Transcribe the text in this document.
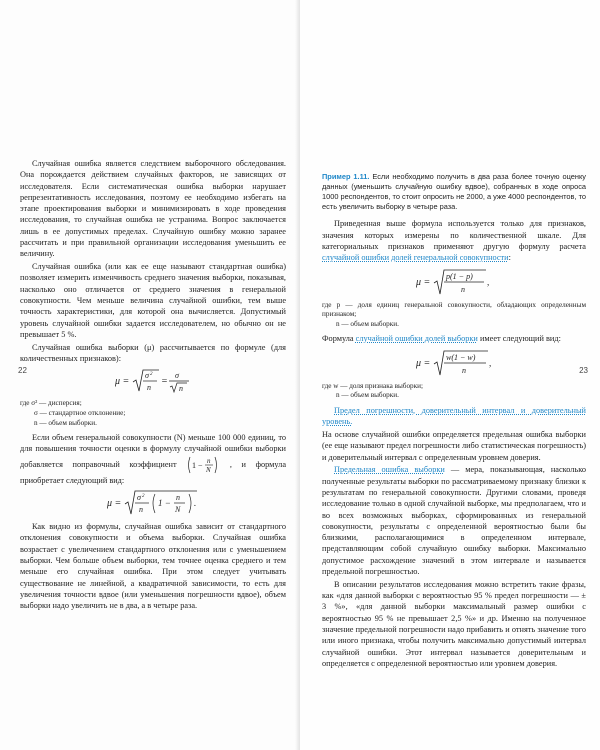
Случайная ошибка является следствием выборочного обследования. Она порождается действием случайных факторов, не зависящих от исследователя. Если систематическая ошибка выборки нарушает репрезентативность исследования, поэтому ее необходимо избегать на этапе проектирования выборки и минимизировать в ходе проведения исследования, то случайная ошибка не устранима. Вопрос заключается лишь в ее допустимых пределах. Случайную ошибку можно заранее рассчитать и при правильной организации исследования уменьшить ее величину.

Случайная ошибка (или как ее еще называют стандартная ошибка) позволяет измерить изменчивость среднего значения выборки, показывая, насколько оно отличается от среднего значения в генеральной совокупности. Чем меньше величина случайной ошибки, тем выше точность характеристики, для которой она вычисляется. Допустимый уровень случайной ошибки задается исследователем, но обычно он не превышает 5 %.

Случайная ошибка выборки (μ) рассчитывается по формуле (для количественных признаков):

μ =
σ 2
n
=
σ
n
где σ² — дисперсия;
σ — стандартное отклонение;
n — объем выборки.

Если объем генеральной совокупности (N) меньше 100 000 единиц, то для повышения точности оценки в формулу случайной ошибки выборки добавляется поправочный коэффициент 1 − n
N
, и формула приобретает следующий вид:

μ =
σ 2
n
1 −
n
N
.

Как видно из формулы, случайная ошибка зависит от стандартного отклонения совокупности и объема выборки. Случайная ошибка возрастает с увеличением стандартного отклонения или с уменьшением выборки. Чем больше объем выборки, тем точнее оценка среднего и тем меньше его случайная ошибка. При этом следует учитывать существование не линейной, а квадратичной зависимости, то есть для увеличения точности вдвое (или уменьшения погрешности вдвое), объем выборки надо увеличить не в два, а в четыре раза.

22

Пример 1.11. Если необходимо получить в два раза более точную оценку данных (уменьшить случайную ошибку вдвое), собранных в ходе опроса 1000 респондентов, то стоит опросить не 2000, а уже 4000 респондентов, то есть увеличить выборку в четыре раза.

Приведенная выше формула используется только для признаков, значения которых измерены по количественной шкале. Для категориальных признаков применяют другую формулу расчета случайной ошибки долей генеральной совокупности:

μ =
p(1 − p)
n
,
где p — доля единиц генеральной совокупности, обладающих определенным признаком;
n — объем выборки.

Формула случайной ошибки долей выборки имеет следующий вид:

μ =
w(1 − w)
n
,
где w — доля признака выборки;
n — объем выборки.

Предел погрешности, доверительный интервал и доверительный уровень.

На основе случайной ошибки определяется предельная ошибка выборки (ее еще называют предел погрешности либо статистическая погрешность) и доверительный интервал с определенным уровнем доверия.

Предельная ошибка выборки — мера, показывающая, насколько полученные результаты выборки по рассматриваемому признаку близки к результатам по генеральной совокупности. Другими словами, проведя исследование только в одной случайной выборке, мы предполагаем, что и во всех возможных выборках, сформированных из генеральной совокупности, результаты с определенной вероятностью были бы близкими, располагающимися в определенном интервале, представляющим собой случайную ошибку выборки. Максимально допустимое расхождение значений в этом интервале и называется предельной погрешностью.

В описании результатов исследования можно встретить такие фразы, как «для данной выборки с вероятностью 95 % предел погрешности — ± 3 %», «для данной выборки максимальный размер ошибки с вероятностью 95 % не превышает 2,5 %» и др. Именно на полученное значение предельной погрешности надо прибавить и отнять значение того или иного признака, чтобы получить максимально допустимый интервал случайной ошибки. Этот интервал называется доверительным и определяется с определенной вероятностью или уровнем доверия.

23
